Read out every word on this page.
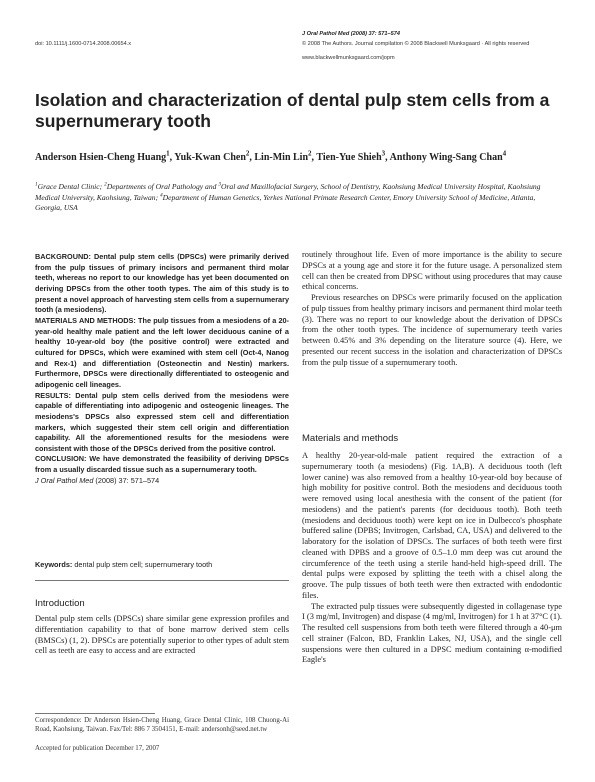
doi: 10.1111/j.1600-0714.2008.00654.x
J Oral Pathol Med (2008) 37: 571–574
© 2008 The Authors. Journal compilation © 2008 Blackwell Munksgaard · All rights reserved
www.blackwellmunksgaard.com/jopm
Isolation and characterization of dental pulp stem cells from a supernumerary tooth
Anderson Hsien-Cheng Huang$^1$, Yuk-Kwan Chen$^2$, Lin-Min Lin$^2$, Tien-Yue Shieh$^3$, Anthony Wing-Sang Chan$^4$
$^1$Grace Dental Clinic; $^2$Departments of Oral Pathology and $^3$Oral and Maxillofacial Surgery, School of Dentistry, Kaohsiung Medical University Hospital, Kaohsiung Medical University, Kaohsiung, Taiwan; $^4$Department of Human Genetics, Yerkes National Primate Research Center, Emory University School of Medicine, Atlanta, Georgia, USA

BACKGROUND: Dental pulp stem cells (DPSCs) were primarily derived from the pulp tissues of primary incisors and permanent third molar teeth, whereas no report to our knowledge has yet been documented on deriving DPSCs from the other tooth types. The aim of this study is to present a novel approach of harvesting stem cells from a supernumerary tooth (a mesiodens).

MATERIALS AND METHODS: The pulp tissues from a mesiodens of a 20-year-old healthy male patient and the left lower deciduous canine of a healthy 10-year-old boy (the positive control) were extracted and cultured for DPSCs, which were examined with stem cell (Oct-4, Nanog and Rex-1) and differentiation (Osteonectin and Nestin) markers. Furthermore, DPSCs were directionally differentiated to osteogenic and adipogenic cell lineages.

RESULTS: Dental pulp stem cells derived from the mesiodens were capable of differentiating into adipogenic and osteogenic lineages. The mesiodens's DPSCs also expressed stem cell and differentiation markers, which suggested their stem cell origin and differentiation capability. All the aforementioned results for the mesiodens were consistent with those of the DPSCs derived from the positive control.

CONCLUSION: We have demonstrated the feasibility of deriving DPSCs from a usually discarded tissue such as a supernumerary tooth.

J Oral Pathol Med (2008) 37: 571–574

Keywords: dental pulp stem cell; supernumerary tooth
Introduction

Dental pulp stem cells (DPSCs) share similar gene expression profiles and differentiation capability to that of bone marrow derived stem cells (BMSCs) (1, 2). DPSCs are potentially superior to other types of adult stem cell as teeth are easy to access and are extracted

Correspondence: Dr Anderson Hsien-Cheng Huang, Grace Dental Clinic, 108 Chuong-Ai Road, Kaohsiung, Taiwan. Fax/Tel: 886 7 3504151, E-mail: andersonh@seed.net.tw
Accepted for publication December 17, 2007

routinely throughout life. Even of more importance is the ability to secure DPSCs at a young age and store it for the future usage. A personalized stem cell can then be created from DPSC without using procedures that may cause ethical concerns.

Previous researches on DPSCs were primarily focused on the application of pulp tissues from healthy primary incisors and permanent third molar teeth (3). There was no report to our knowledge about the derivation of DPSCs from the other tooth types. The incidence of supernumerary teeth varies between 0.45% and 3% depending on the literature source (4). Here, we presented our recent success in the isolation and characterization of DPSCs from the pulp tissue of a supernumerary tooth.

Materials and methods

A healthy 20-year-old-male patient required the extraction of a supernumerary tooth (a mesiodens) (Fig. 1A,B). A deciduous tooth (left lower canine) was also removed from a healthy 10-year-old boy because of high mobility for positive control. Both the mesiodens and deciduous tooth were removed using local anesthesia with the consent of the patient (for mesiodens) and the patient's parents (for deciduous tooth). Both teeth (mesiodens and deciduous tooth) were kept on ice in Dulbecco's phosphate buffered saline (DPBS; Invitrogen, Carlsbad, CA, USA) and delivered to the laboratory for the isolation of DPSCs. The surfaces of both teeth were first cleaned with DPBS and a groove of 0.5–1.0 mm deep was cut around the circumference of the teeth using a sterile hand-held high-speed drill. The dental pulps were exposed by splitting the teeth with a chisel along the groove. The pulp tissues of both teeth were then extracted with endodontic files.

The extracted pulp tissues were subsequently digested in collagenase type I (3 mg/ml, Invitrogen) and dispase (4 mg/ml, Invitrogen) for 1 h at 37°C (1). The resulted cell suspensions from both teeth were filtered through a 40-μm cell strainer (Falcon, BD, Franklin Lakes, NJ, USA), and the single cell suspensions were then cultured in a DPSC medium containing α-modified Eagle's
